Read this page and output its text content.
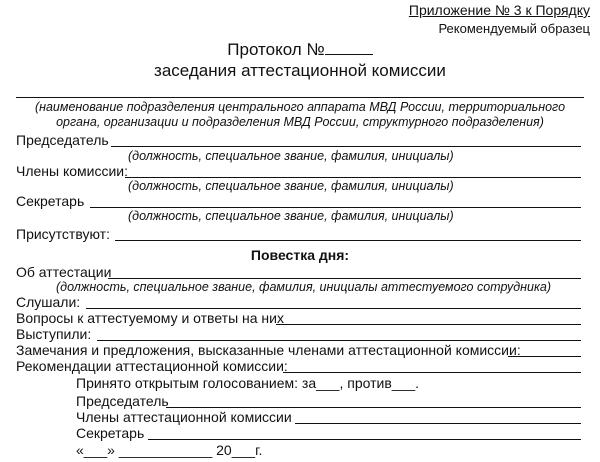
Приложение № 3 к Порядку
Рекомендуемый образец
Протокол №
заседания аттестационной комиссии
(наименование подразделения центрального аппарата МВД России, территориального
органа, организации и подразделения МВД России, структурного подразделения)
Председатель
(должность, специальное звание, фамилия, инициалы)
Члены комиссии:
(должность, специальное звание, фамилия, инициалы)
Секретарь
(должность, специальное звание, фамилия, инициалы)
Присутствуют:
Повестка дня:
Об аттестации
(должность, специальное звание, фамилия, инициалы аттестуемого сотрудника)
Слушали:
Вопросы к аттестуемому и ответы на них
Выступили:
Замечания и предложения, высказанные членами аттестационной комиссии:
Рекомендации аттестационной комиссии:
Принято открытым голосованием: за___, против___.
Председатель
Члены аттестационной комиссии
Секретарь
«___» ____________ 20___г.
